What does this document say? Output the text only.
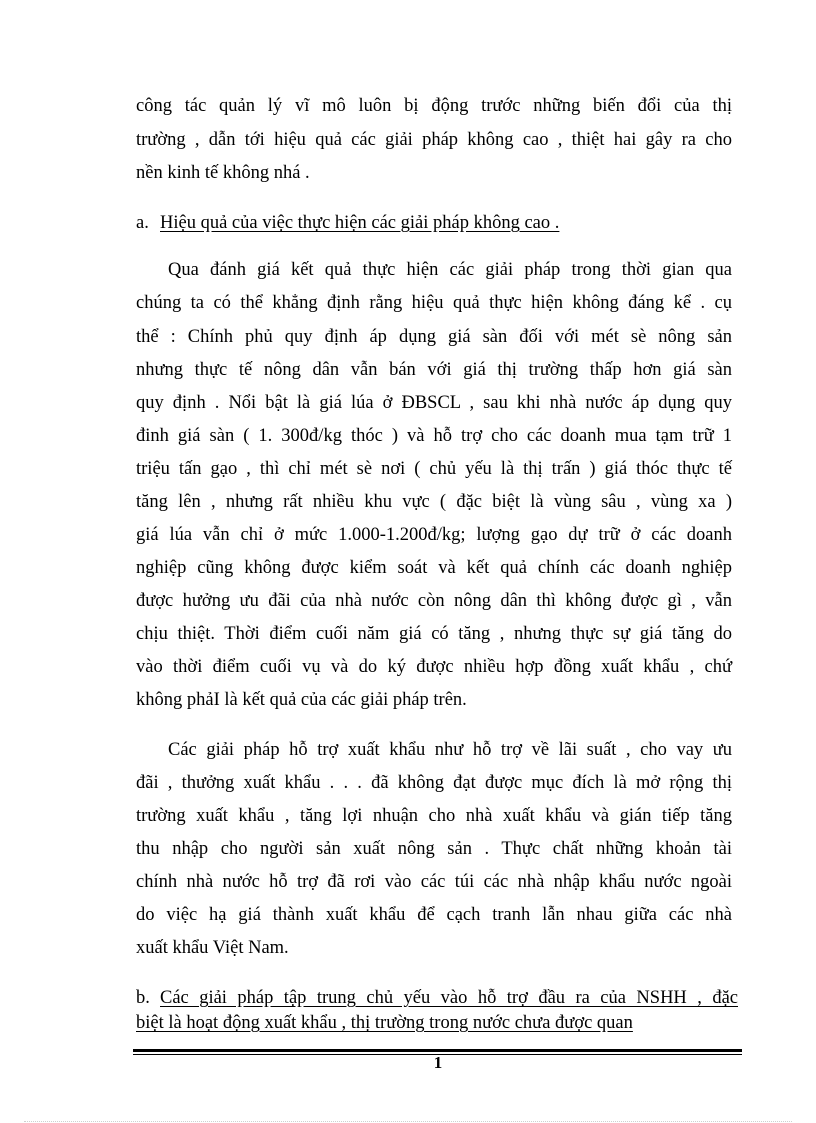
công tác quản lý vĩ mô luôn bị động trước những biến đổi của thị
trường , dẫn tới hiệu quả các giải pháp không cao , thiệt hai gây ra cho
nền kinh tế không nhá .
a. Hiệu quả của việc thực hiện các giải pháp không cao .
Qua đánh giá kết quả thực hiện các giải pháp trong thời gian qua
chúng ta có thể khẳng định rằng hiệu quả thực hiện không đáng kể . cụ
thể : Chính phủ quy định áp dụng giá sàn đối với mét sè nông sản
nhưng thực tế nông dân vẫn bán với giá thị trường thấp hơn giá sàn
quy định . Nổi bật là giá lúa ở ĐBSCL , sau khi nhà nước áp dụng quy
đinh giá sàn ( 1. 300đ/kg thóc ) và hỗ trợ cho các doanh mua tạm trữ 1
triệu tấn gạo , thì chỉ mét sè nơi ( chủ yếu là thị trấn ) giá thóc thực tế
tăng lên , nhưng rất nhiều khu vực ( đặc biệt là vùng sâu , vùng xa )
giá lúa vẫn chỉ ở mức 1.000-1.200đ/kg; lượng gạo dự trữ ở các doanh
nghiệp cũng không được kiểm soát và kết quả chính các doanh nghiệp
được hưởng ưu đãi của nhà nước còn nông dân thì không được gì , vẫn
chịu thiệt. Thời điểm cuối năm giá có tăng , nhưng thực sự giá tăng do
vào thời điểm cuối vụ và do ký được nhiều hợp đồng xuất khẩu , chứ
không phảI là kết quả của các giải pháp trên.
Các giải pháp hỗ trợ xuất khẩu như hỗ trợ về lãi suất , cho vay ưu
đãi , thưởng xuất khẩu . . . đã không đạt được mục đích là mở rộng thị
trường xuất khẩu , tăng lợi nhuận cho nhà xuất khẩu và gián tiếp tăng
thu nhập cho người sản xuất nông sản . Thực chất những khoản tài
chính nhà nước hỗ trợ đã rơi vào các túi các nhà nhập khẩu nước ngoài
do việc hạ giá thành xuất khẩu để cạch tranh lẫn nhau giữa các nhà
xuất khẩu Việt Nam.
b. Các giải pháp tập trung chủ yếu vào hỗ trợ đầu ra của NSHH , đặc
biệt là hoạt động xuất khẩu , thị trường trong nước chưa được quan
1
